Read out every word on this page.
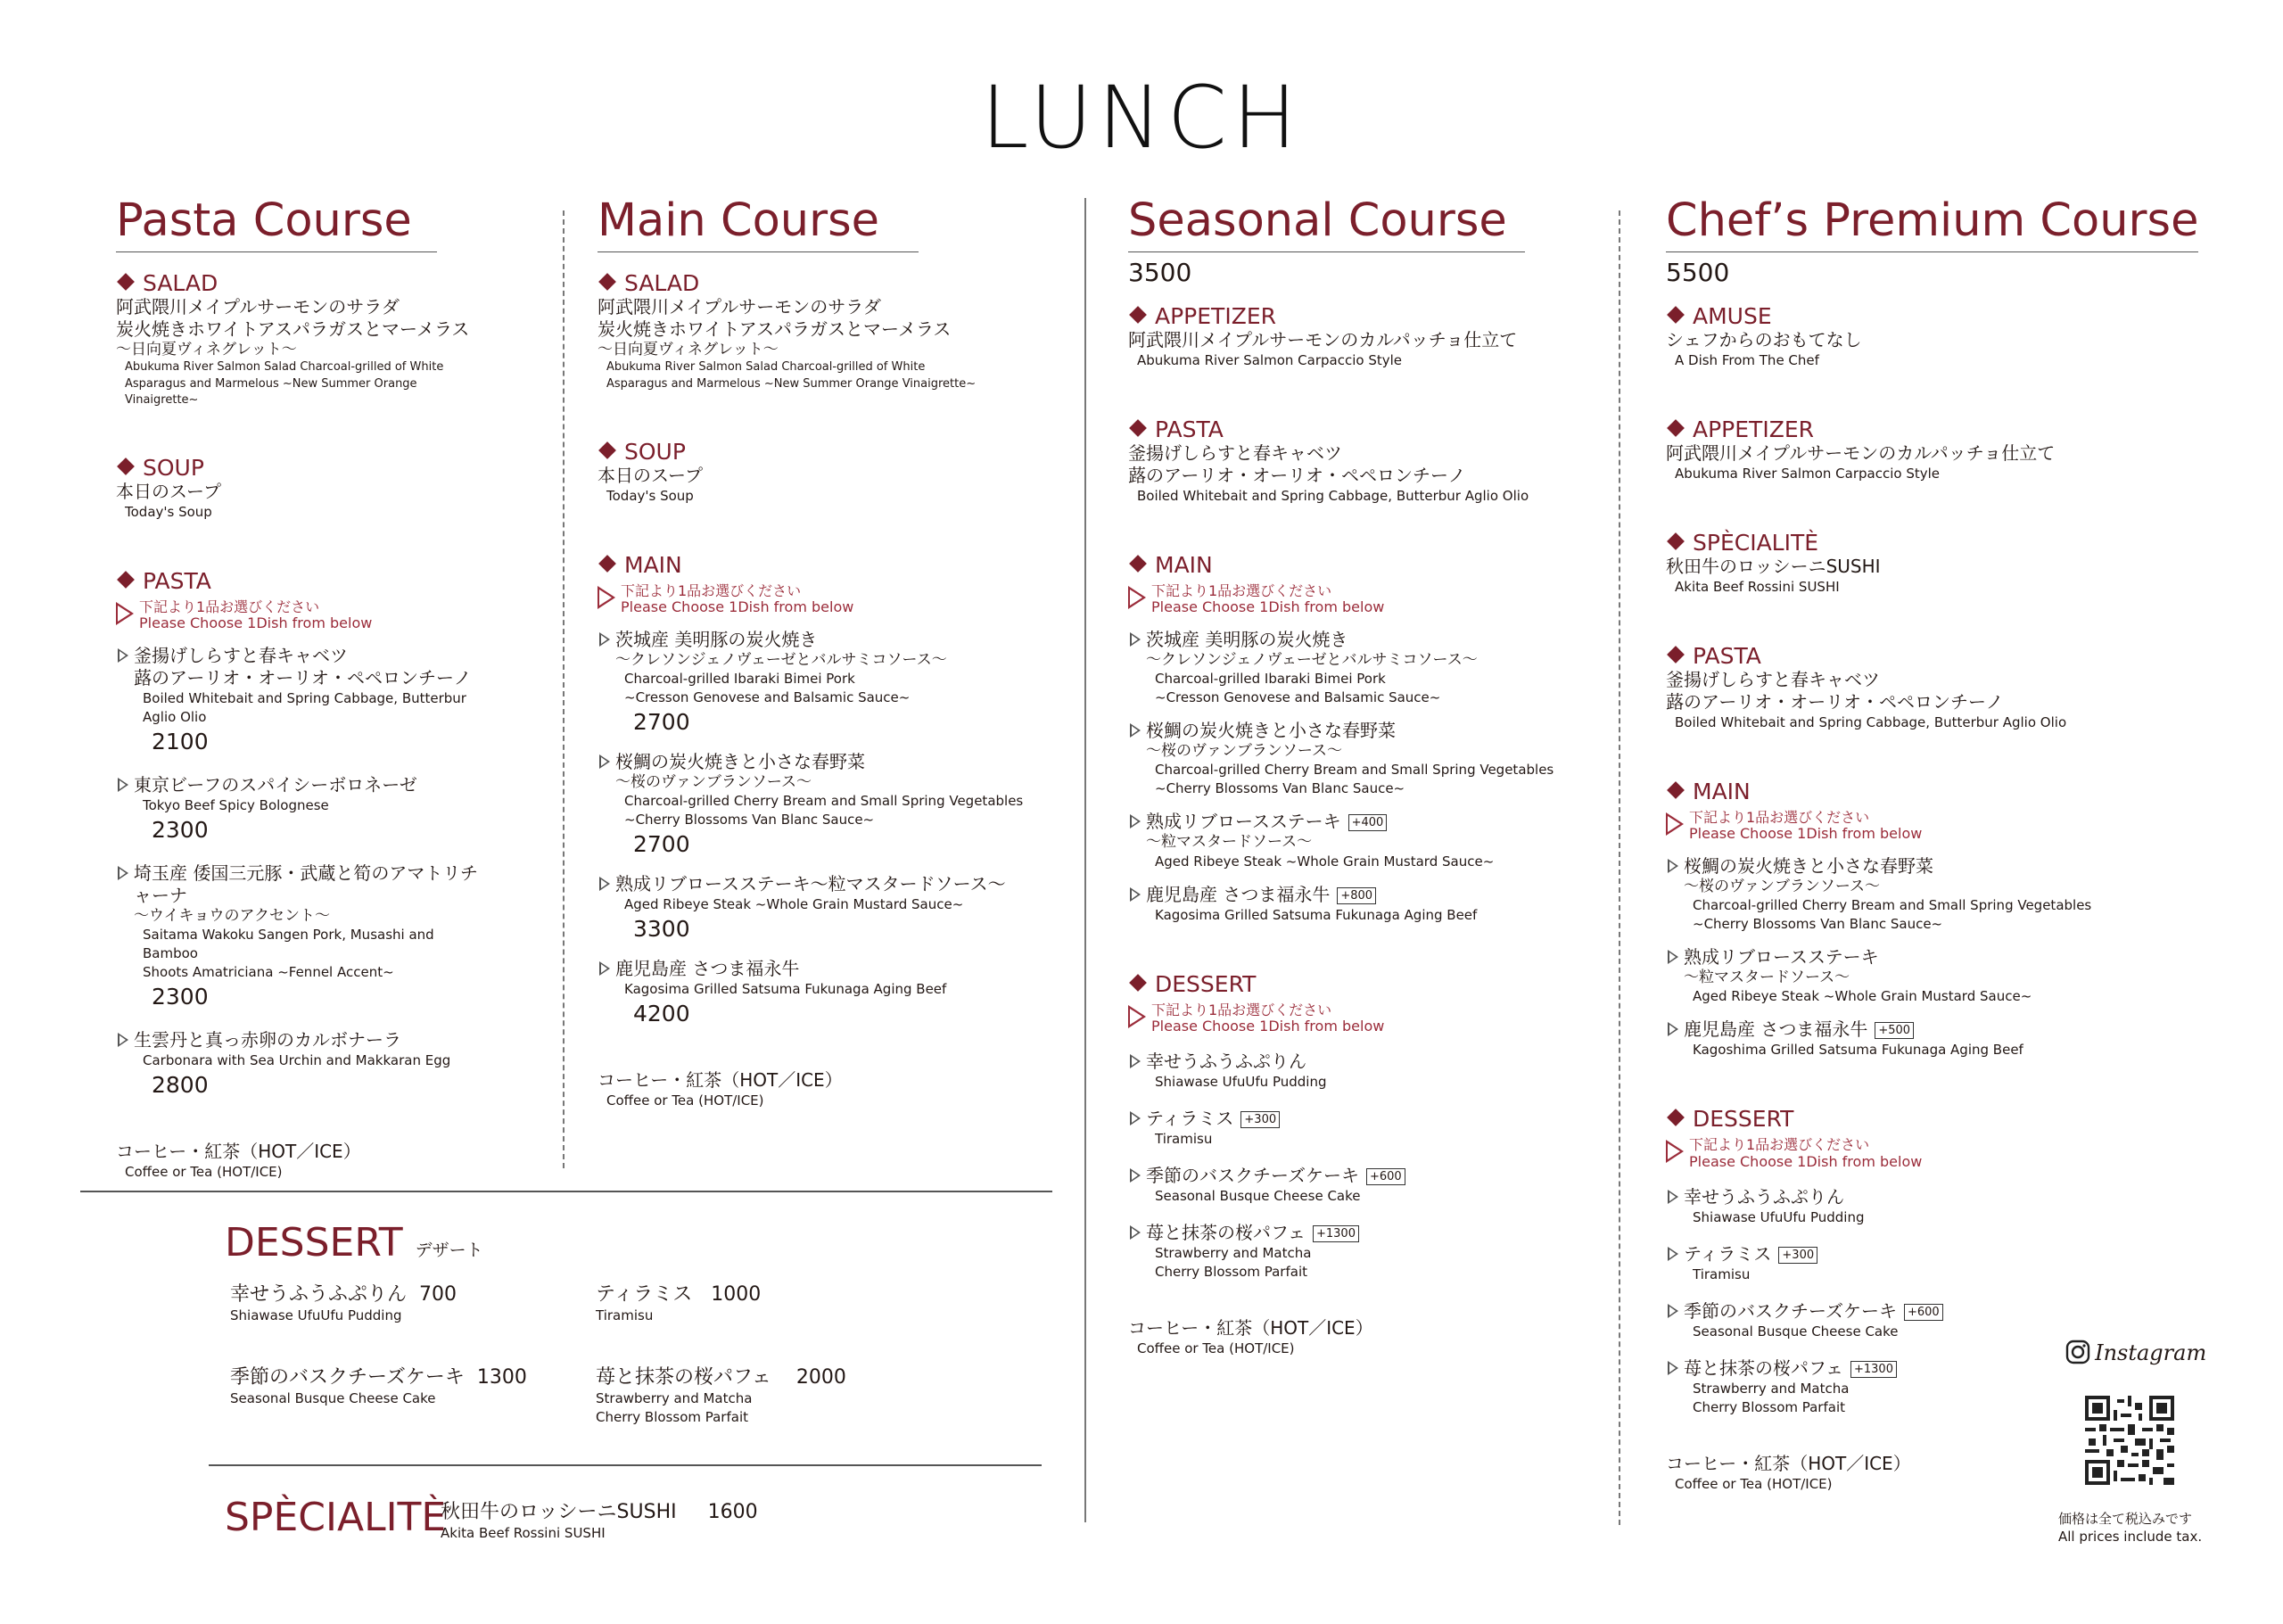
LUNCH
Pasta Course
SALAD
阿武隈川メイプルサーモンのサラダ
炭火焼きホワイトアスパラガスとマーメラス
〜日向夏ヴィネグレット〜
Abukuma River Salmon Salad Charcoal-grilled of White
Asparagus and Marmelous ~New Summer Orange Vinaigrette~
SOUP
本日のスープ
Today's Soup
PASTA
下記より1品お選びください
Please Choose 1Dish from below
釜揚げしらすと春キャベツ
蕗のアーリオ・オーリオ・ペペロンチーノ
Boiled Whitebait and Spring Cabbage, Butterbur Aglio Olio
2100
東京ビーフのスパイシーボロネーゼ
Tokyo Beef Spicy Bolognese
2300
埼玉産 倭国三元豚・武蔵と筍のアマトリチャーナ
〜ウイキョウのアクセント〜
Saitama Wakoku Sangen Pork, Musashi and Bamboo
Shoots Amatriciana ~Fennel Accent~
2300
生雲丹と真っ赤卵のカルボナーラ
Carbonara with Sea Urchin and Makkaran Egg
2800
コーヒー・紅茶（HOT／ICE）
Coffee or Tea (HOT/ICE)
Main Course
SALAD
阿武隈川メイプルサーモンのサラダ
炭火焼きホワイトアスパラガスとマーメラス
〜日向夏ヴィネグレット〜
Abukuma River Salmon Salad Charcoal-grilled of White
Asparagus and Marmelous ~New Summer Orange Vinaigrette~
SOUP
本日のスープ
Today's Soup
MAIN
下記より1品お選びください
Please Choose 1Dish from below
茨城産 美明豚の炭火焼き
〜クレソンジェノヴェーゼとバルサミコソース〜
Charcoal-grilled Ibaraki Bimei Pork
~Cresson Genovese and Balsamic Sauce~
2700
桜鯛の炭火焼きと小さな春野菜
〜桜のヴァンブランソース〜
Charcoal-grilled Cherry Bream and Small Spring Vegetables
~Cherry Blossoms Van Blanc Sauce~
2700
熟成リブロースステーキ〜粒マスタードソース〜
Aged Ribeye Steak ~Whole Grain Mustard Sauce~
3300
鹿児島産 さつま福永牛
Kagosima Grilled Satsuma Fukunaga Aging Beef
4200
コーヒー・紅茶（HOT／ICE）
Coffee or Tea (HOT/ICE)
Seasonal Course
3500
APPETIZER
阿武隈川メイプルサーモンのカルパッチョ仕立て
Abukuma River Salmon Carpaccio Style
PASTA
釜揚げしらすと春キャベツ
蕗のアーリオ・オーリオ・ペペロンチーノ
Boiled Whitebait and Spring Cabbage, Butterbur Aglio Olio
MAIN
下記より1品お選びください
Please Choose 1Dish from below
茨城産 美明豚の炭火焼き
〜クレソンジェノヴェーゼとバルサミコソース〜
Charcoal-grilled Ibaraki Bimei Pork
~Cresson Genovese and Balsamic Sauce~
桜鯛の炭火焼きと小さな春野菜
〜桜のヴァンブランソース〜
Charcoal-grilled Cherry Bream and Small Spring Vegetables
~Cherry Blossoms Van Blanc Sauce~
熟成リブロースステーキ +400
〜粒マスタードソース〜
Aged Ribeye Steak ~Whole Grain Mustard Sauce~
鹿児島産 さつま福永牛 +800
Kagosima Grilled Satsuma Fukunaga Aging Beef
DESSERT
下記より1品お選びください
Please Choose 1Dish from below
幸せうふうふぷりん
Shiawase UfuUfu Pudding
ティラミス +300
Tiramisu
季節のバスクチーズケーキ +600
Seasonal Busque Cheese Cake
苺と抹茶の桜パフェ +1300
Strawberry and Matcha
Cherry Blossom Parfait
コーヒー・紅茶（HOT／ICE）
Coffee or Tea (HOT/ICE)
Chef’s Premium Course
5500
AMUSE
シェフからのおもてなし
A Dish From The Chef
APPETIZER
阿武隈川メイプルサーモンのカルパッチョ仕立て
Abukuma River Salmon Carpaccio Style
SPÈCIALITÈ
秋田牛のロッシーニSUSHI
Akita Beef Rossini SUSHI
PASTA
釜揚げしらすと春キャベツ
蕗のアーリオ・オーリオ・ペペロンチーノ
Boiled Whitebait and Spring Cabbage, Butterbur Aglio Olio
MAIN
下記より1品お選びください
Please Choose 1Dish from below
桜鯛の炭火焼きと小さな春野菜
〜桜のヴァンブランソース〜
Charcoal-grilled Cherry Bream and Small Spring Vegetables
~Cherry Blossoms Van Blanc Sauce~
熟成リブロースステーキ
〜粒マスタードソース〜
Aged Ribeye Steak ~Whole Grain Mustard Sauce~
鹿児島産 さつま福永牛 +500
Kagoshima Grilled Satsuma Fukunaga Aging Beef
DESSERT
下記より1品お選びください
Please Choose 1Dish from below
幸せうふうふぷりん
Shiawase UfuUfu Pudding
ティラミス +300
Tiramisu
季節のバスクチーズケーキ +600
Seasonal Busque Cheese Cake
苺と抹茶の桜パフェ +1300
Strawberry and Matcha
Cherry Blossom Parfait
コーヒー・紅茶（HOT／ICE）
Coffee or Tea (HOT/ICE)
DESSERT デザート
幸せうふうふぷりん 700
Shiawase UfuUfu Pudding
ティラミス 1000
Tiramisu
季節のバスクチーズケーキ 1300
Seasonal Busque Cheese Cake
苺と抹茶の桜パフェ 2000
Strawberry and Matcha
Cherry Blossom Parfait
SPÈCIALITÈ
秋田牛のロッシーニSUSHI 1600
Akita Beef Rossini SUSHI
Instagram
価格は全て税込みです
All prices include tax.
